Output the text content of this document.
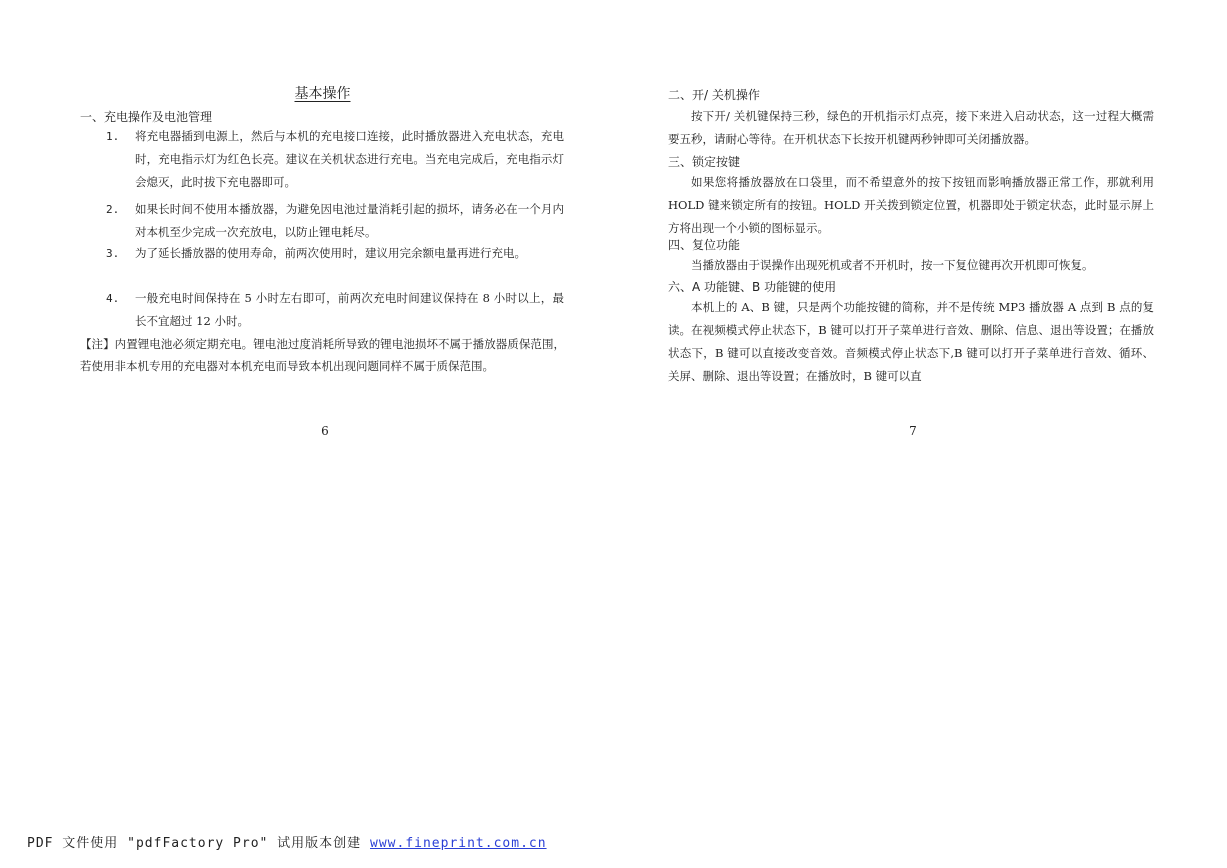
基本操作
一、充电操作及电池管理
1. 将充电器插到电源上，然后与本机的充电接口连接，此时播放器进入充电状态，充电时，充电指示灯为红色长亮。建议在关机状态进行充电。当充电完成后，充电指示灯会熄灭，此时拔下充电器即可。

2. 如果长时间不使用本播放器，为避免因电池过量消耗引起的损坏，请务必在一个月内对本机至少完成一次充放电，以防止锂电耗尽。

3. 为了延长播放器的使用寿命，前两次使用时，建议用完余额电量再进行充电。

4. 一般充电时间保持在 5 小时左右即可，前两次充电时间建议保持在 8 小时以上，最长不宜超过 12 小时。

【注】内置锂电池必须定期充电。锂电池过度消耗所导致的锂电池损坏不属于播放器质保范围，若使用非本机专用的充电器对本机充电而导致本机出现问题同样不属于质保范围。

6
二、开/ 关机操作

按下开/ 关机键保持三秒，绿色的开机指示灯点亮，接下来进入启动状态，这一过程大概需要五秒，请耐心等待。在开机状态下长按开机键两秒钟即可关闭播放器。

三、锁定按键

如果您将播放器放在口袋里，而不希望意外的按下按钮而影响播放器正常工作，那就利用 HOLD 键来锁定所有的按钮。HOLD 开关拨到锁定位置，机器即处于锁定状态，此时显示屏上方将出现一个小锁的图标显示。

四、复位功能

当播放器由于误操作出现死机或者不开机时，按一下复位键再次开机即可恢复。

六、A 功能键、B 功能键的使用

本机上的 A、B 键，只是两个功能按键的简称，并不是传统 MP3 播放器 A 点到 B 点的复读。在视频模式停止状态下，B 键可以打开子菜单进行音效、删除、信息、退出等设置；在播放状态下，B 键可以直接改变音效。音频模式停止状态下,B 键可以打开子菜单进行音效、循环、关屏、删除、退出等设置；在播放时，B 键可以直

7
PDF 文件使用 "pdfFactory Pro" 试用版本创建 www.fineprint.com.cn
